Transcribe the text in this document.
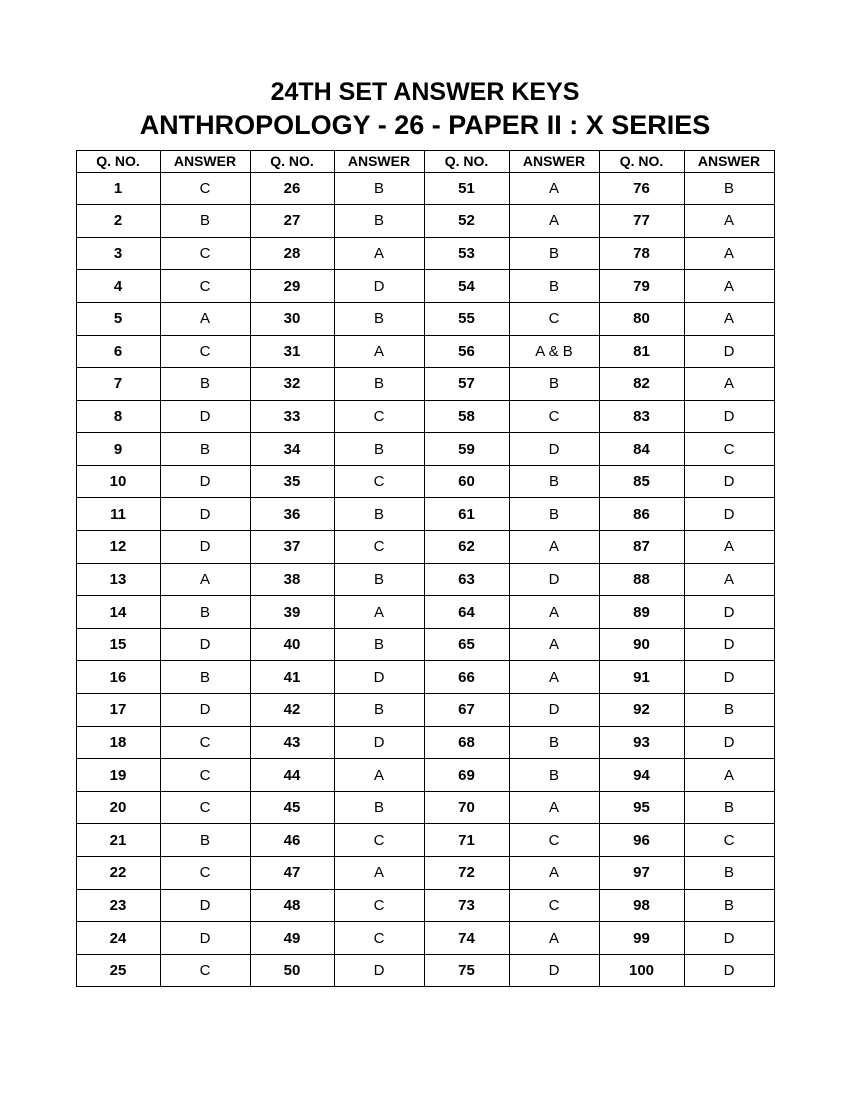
24TH SET ANSWER KEYS
ANTHROPOLOGY - 26 - PAPER II : X SERIES
Q. NO.	ANSWER	Q. NO.	ANSWER	Q. NO.	ANSWER	Q. NO.	ANSWER
1	C	26	B	51	A	76	B
2	B	27	B	52	A	77	A
3	C	28	A	53	B	78	A
4	C	29	D	54	B	79	A
5	A	30	B	55	C	80	A
6	C	31	A	56	A & B	81	D
7	B	32	B	57	B	82	A
8	D	33	C	58	C	83	D
9	B	34	B	59	D	84	C
10	D	35	C	60	B	85	D
11	D	36	B	61	B	86	D
12	D	37	C	62	A	87	A
13	A	38	B	63	D	88	A
14	B	39	A	64	A	89	D
15	D	40	B	65	A	90	D
16	B	41	D	66	A	91	D
17	D	42	B	67	D	92	B
18	C	43	D	68	B	93	D
19	C	44	A	69	B	94	A
20	C	45	B	70	A	95	B
21	B	46	C	71	C	96	C
22	C	47	A	72	A	97	B
23	D	48	C	73	C	98	B
24	D	49	C	74	A	99	D
25	C	50	D	75	D	100	D
